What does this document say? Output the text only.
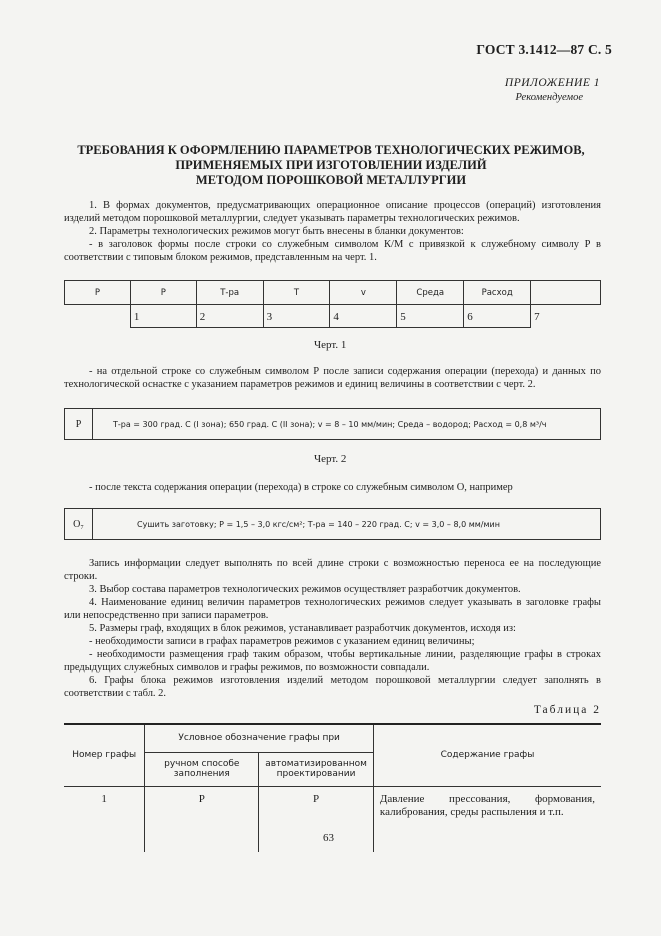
ГОСТ 3.1412—87 С. 5
ПРИЛОЖЕНИЕ 1
Рекомендуемое
ТРЕБОВАНИЯ К ОФОРМЛЕНИЮ ПАРАМЕТРОВ ТЕХНОЛОГИЧЕСКИХ РЕЖИМОВ,
ПРИМЕНЯЕМЫХ ПРИ ИЗГОТОВЛЕНИИ ИЗДЕЛИЙ
МЕТОДОМ ПОРОШКОВОЙ МЕТАЛЛУРГИИ
1. В формах документов, предусматривающих операционное описание процессов (операций) изготовления изделий методом порошковой металлургии, следует указывать параметры технологических режимов.
2. Параметры технологических режимов могут быть внесены в бланки документов:
- в заголовок формы после строки со служебным символом К/М с привязкой к служебному символу Р в соответствии с типовым блоком режимов, представленным на черт. 1.
Р	Р	Т-ра	Т	v	Среда	Расход	
	1	2	3	4	5	6	7
Черт. 1
- на отдельной строке со служебным символом Р после записи содержания операции (перехода) и данных по технологической оснастке с указанием параметров режимов и единиц величины в соответствии с черт. 2.
Р	Т-ра = 300 град. С (I зона); 650 град. С (II зона); v = 8 – 10 мм/мин; Среда – водород; Расход = 0,8 м³/ч
Черт. 2
- после текста содержания операции (перехода) в строке со служебным символом О, например
О₇	Сушить заготовку; Р = 1,5 – 3,0 кгс/см²; Т-ра = 140 – 220 град. С; v = 3,0 – 8,0 мм/мин
Запись информации следует выполнять по всей длине строки с возможностью переноса ее на последующие строки.
3. Выбор состава параметров технологических режимов осуществляет разработчик документов.
4. Наименование единиц величин параметров технологических режимов следует указывать в заголовке графы или непосредственно при записи параметров.
5. Размеры граф, входящих в блок режимов, устанавливает разработчик документов, исходя из:
- необходимости записи в графах параметров режимов с указанием единиц величины;
- необходимости размещения граф таким образом, чтобы вертикальные линии, разделяющие графы в строках предыдущих служебных символов и графы режимов, по возможности совпадали.
6. Графы блока режимов изготовления изделий методом порошковой металлургии следует заполнять в соответствии с табл. 2.
Таблица 2
Номер графы	Условное обозначение графы при		Содержание графы
	ручном способе заполнения	автоматизированном проектировании	
1	Р	Р	Давление прессования, формования, калибрования, среды распыления и т.п.
63
